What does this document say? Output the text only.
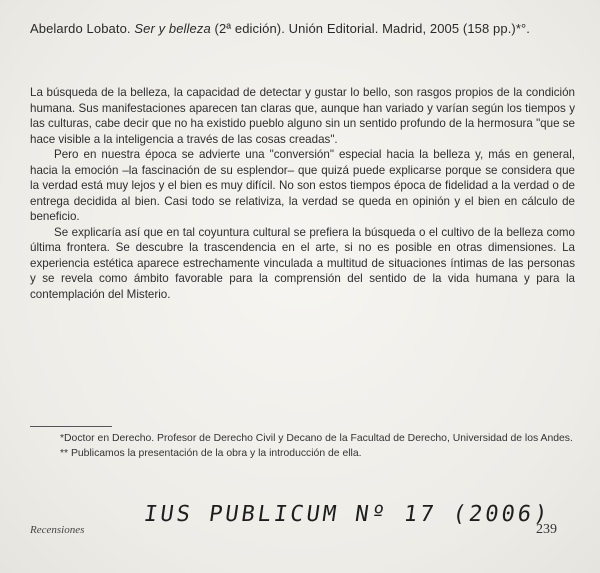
Abelardo Lobato. Ser y belleza (2ª edición). Unión Editorial. Madrid, 2005 (158 pp.)*°.

La búsqueda de la belleza, la capacidad de detectar y gustar lo bello, son rasgos propios de la condición humana. Sus manifestaciones aparecen tan claras que, aunque han variado y varían según los tiempos y las culturas, cabe decir que no ha existido pueblo alguno sin un sentido profundo de la hermosura "que se hace visible a la inteligencia a través de las cosas creadas".

Pero en nuestra época se advierte una "conversión" especial hacia la belleza y, más en general, hacia la emoción –la fascinación de su esplendor– que quizá puede explicarse porque se considera que la verdad está muy lejos y el bien es muy difícil. No son estos tiempos época de fidelidad a la verdad o de entrega decidida al bien. Casi todo se relativiza, la verdad se queda en opinión y el bien en cálculo de beneficio.

Se explicaría así que en tal coyuntura cultural se prefiera la búsqueda o el cultivo de la belleza como última frontera. Se descubre la trascendencia en el arte, si no es posible en otras dimensiones. La experiencia estética aparece estrechamente vinculada a multitud de situaciones íntimas de las personas y se revela como ámbito favorable para la comprensión del sentido de la vida humana y para la contemplación del Misterio.

*Doctor en Derecho. Profesor de Derecho Civil y Decano de la Facultad de Derecho, Universidad de los Andes.

** Publicamos la presentación de la obra y la introducción de ella.

Recensiones
IUS PUBLICUM Nº 17 (2006)
239
